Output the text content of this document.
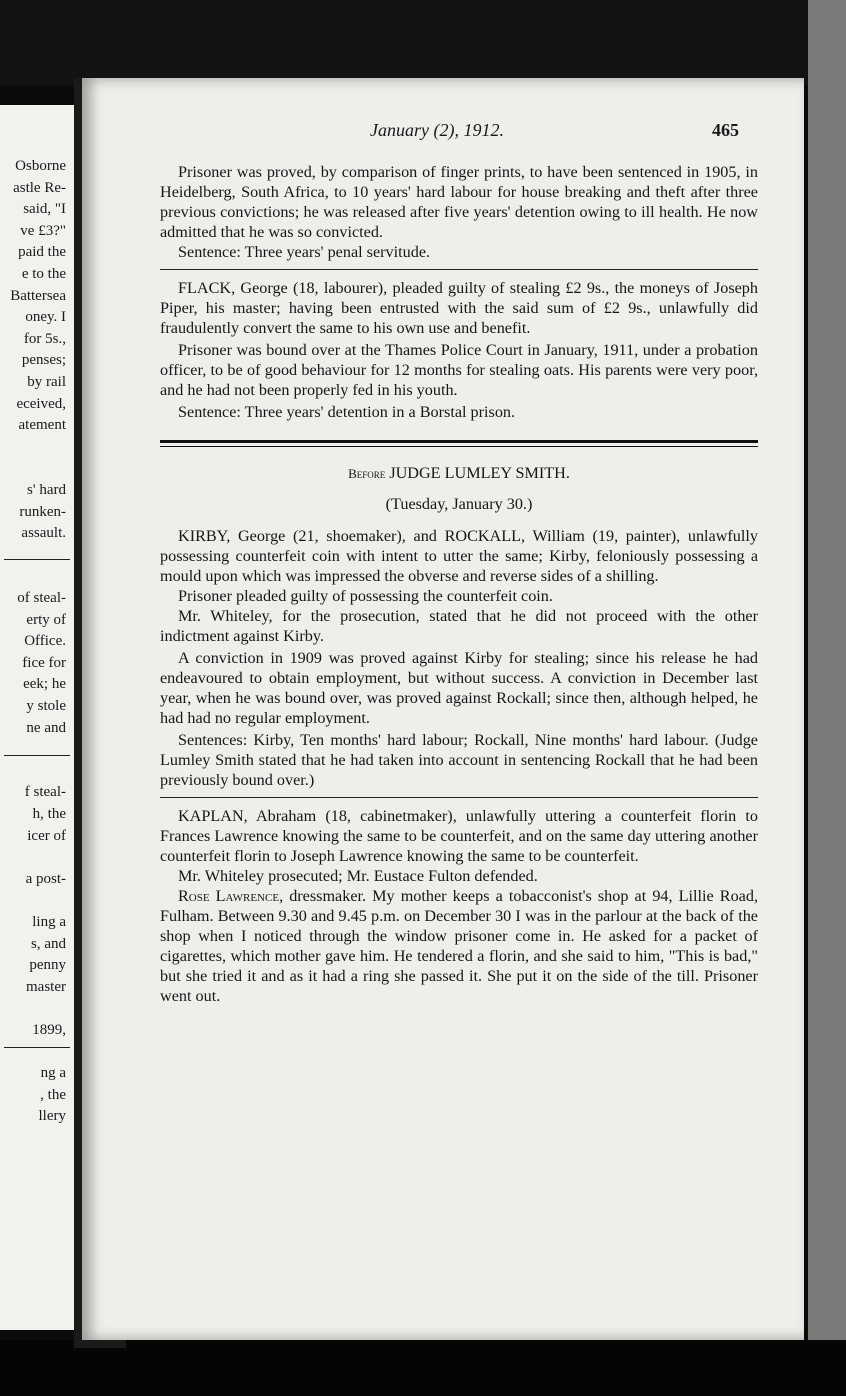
Osborne
astle Re-
said, "I
ve £3?"
paid the
e to the
Battersea
oney. I
for 5s.,
penses;
by rail
eceived,
atement
s' hard
runken-
assault.
of steal-
erty of
Office.
fice for
eek; he
y stole
ne and
f steal-
h, the
icer of
a post-
ling a
s, and
penny
master
1899,
ng a
, the
llery
January (2), 1912.	465

Prisoner was proved, by comparison of finger prints, to have been sentenced in 1905, in Heidelberg, South Africa, to 10 years' hard labour for house breaking and theft after three previous convictions; he was released after five years' detention owing to ill health. He now admitted that he was so convicted.

Sentence: Three years' penal servitude.

FLACK, George (18, labourer), pleaded guilty of stealing £2 9s., the moneys of Joseph Piper, his master; having been entrusted with the said sum of £2 9s., unlawfully did fraudulently convert the same to his own use and benefit.

Prisoner was bound over at the Thames Police Court in January, 1911, under a probation officer, to be of good behaviour for 12 months for stealing oats. His parents were very poor, and he had not been properly fed in his youth.

Sentence: Three years' detention in a Borstal prison.

Before JUDGE LUMLEY SMITH.

(Tuesday, January 30.)

KIRBY, George (21, shoemaker), and ROCKALL, William (19, painter), unlawfully possessing counterfeit coin with intent to utter the same; Kirby, feloniously possessing a mould upon which was impressed the obverse and reverse sides of a shilling.

Prisoner pleaded guilty of possessing the counterfeit coin.

Mr. Whiteley, for the prosecution, stated that he did not proceed with the other indictment against Kirby.

A conviction in 1909 was proved against Kirby for stealing; since his release he had endeavoured to obtain employment, but without success. A conviction in December last year, when he was bound over, was proved against Rockall; since then, although helped, he had had no regular employment.

Sentences: Kirby, Ten months' hard labour; Rockall, Nine months' hard labour. (Judge Lumley Smith stated that he had taken into account in sentencing Rockall that he had been previously bound over.)

KAPLAN, Abraham (18, cabinetmaker), unlawfully uttering a counterfeit florin to Frances Lawrence knowing the same to be counterfeit, and on the same day uttering another counterfeit florin to Joseph Lawrence knowing the same to be counterfeit.

Mr. Whiteley prosecuted; Mr. Eustace Fulton defended.

Rose Lawrence, dressmaker. My mother keeps a tobacconist's shop at 94, Lillie Road, Fulham. Between 9.30 and 9.45 p.m. on December 30 I was in the parlour at the back of the shop when I noticed through the window prisoner come in. He asked for a packet of cigarettes, which mother gave him. He tendered a florin, and she said to him, "This is bad," but she tried it and as it had a ring she passed it. She put it on the side of the till. Prisoner went out.
